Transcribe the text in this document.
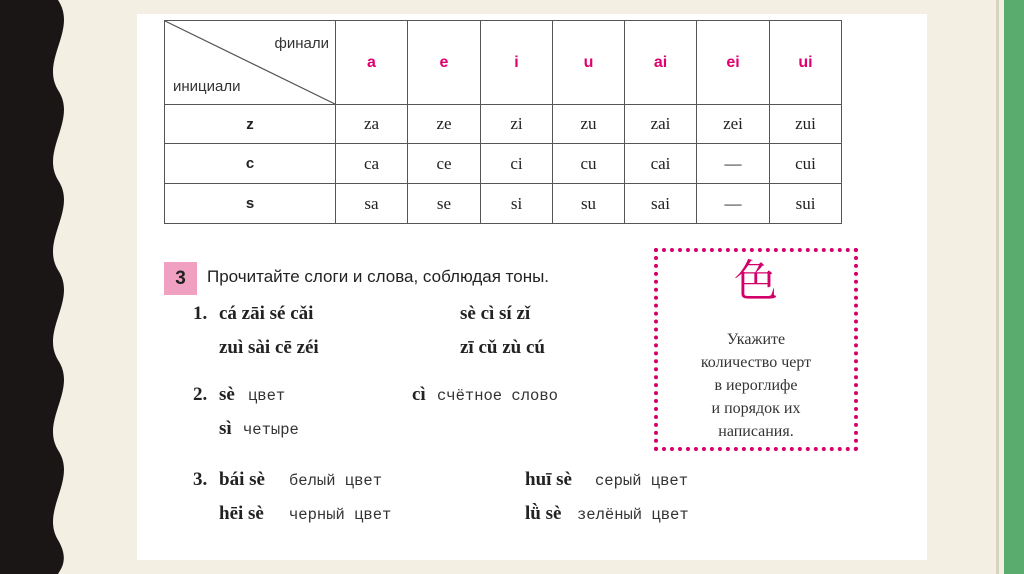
финали
инициали	a	e	i	u	ai	ei	ui
z	za	ze	zi	zu	zai	zei	zui
c	ca	ce	ci	cu	cai	—	cui
s	sa	se	si	su	sai	—	sui
3	Прочитайте слоги и слова, соблюдая тоны.
1. cá zāi sé cǎi	sè cì sí zǐ
zuì sài cē zéi	zī cǔ zù cú
2. sè цвет	cì счётное слово
sì четыре
3. bái sè белый цвет	huī sè серый цвет
hēi sè черный цвет	lǜ sè зелёный цвет
色
Укажите
количество черт
в иероглифе
и порядок их
написания.
